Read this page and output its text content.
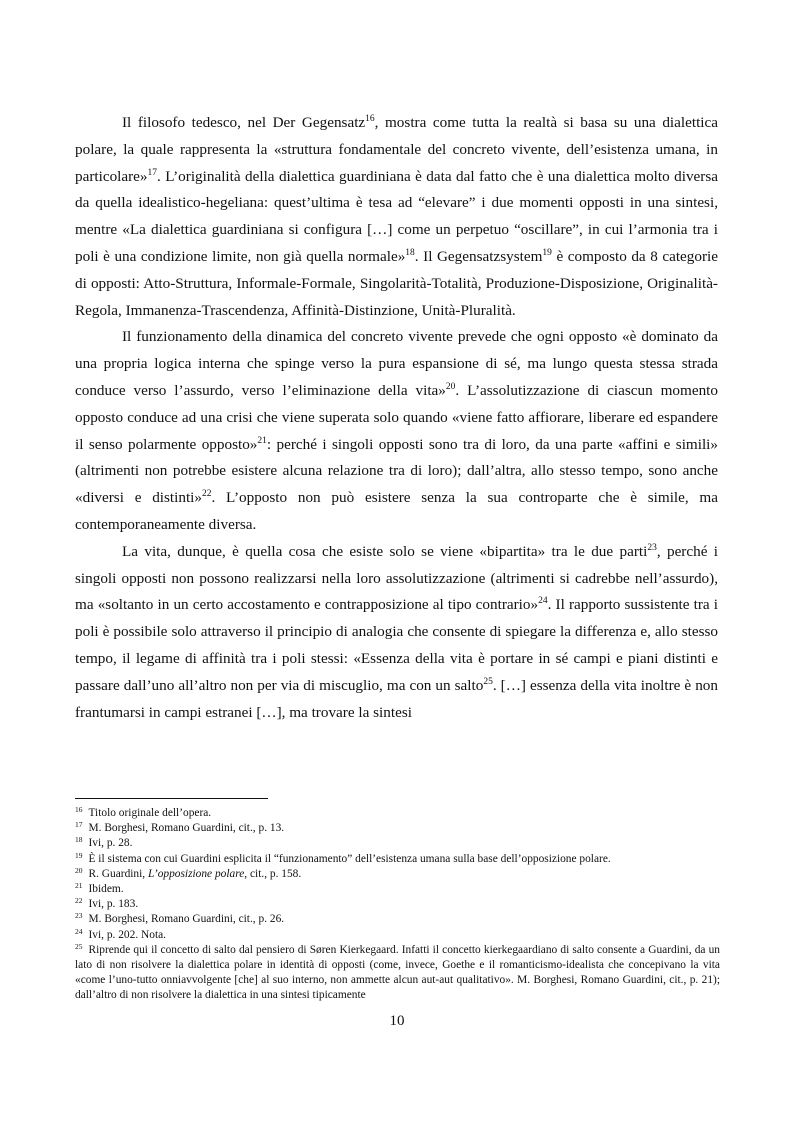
Il filosofo tedesco, nel Der Gegensatz$^{16}$, mostra come tutta la realtà si basa su una dialettica polare, la quale rappresenta la «struttura fondamentale del concreto vivente, dell’esistenza umana, in particolare»$^{17}$. L’originalità della dialettica guardiniana è data dal fatto che è una dialettica molto diversa da quella idealistico-hegeliana: quest’ultima è tesa ad “elevare” i due momenti opposti in una sintesi, mentre «La dialettica guardiniana si configura […] come un perpetuo “oscillare”, in cui l’armonia tra i poli è una condizione limite, non già quella normale»$^{18}$. Il Gegensatzsystem$^{19}$ è composto da 8 categorie di opposti: Atto-Struttura, Informale-Formale, Singolarità-Totalità, Produzione-Disposizione, Originalità-Regola, Immanenza-Trascendenza, Affinità-Distinzione, Unità-Pluralità.

Il funzionamento della dinamica del concreto vivente prevede che ogni opposto «è dominato da una propria logica interna che spinge verso la pura espansione di sé, ma lungo questa stessa strada conduce verso l’assurdo, verso l’eliminazione della vita»$^{20}$. L’assolutizzazione di ciascun momento opposto conduce ad una crisi che viene superata solo quando «viene fatto affiorare, liberare ed espandere il senso polarmente opposto»$^{21}$: perché i singoli opposti sono tra di loro, da una parte «affini e simili» (altrimenti non potrebbe esistere alcuna relazione tra di loro); dall’altra, allo stesso tempo, sono anche «diversi e distinti»$^{22}$. L’opposto non può esistere senza la sua controparte che è simile, ma contemporaneamente diversa.

La vita, dunque, è quella cosa che esiste solo se viene «bipartita» tra le due parti$^{23}$, perché i singoli opposti non possono realizzarsi nella loro assolutizzazione (altrimenti si cadrebbe nell’assurdo), ma «soltanto in un certo accostamento e contrapposizione al tipo contrario»$^{24}$. Il rapporto sussistente tra i poli è possibile solo attraverso il principio di analogia che consente di spiegare la differenza e, allo stesso tempo, il legame di affinità tra i poli stessi: «Essenza della vita è portare in sé campi e piani distinti e passare dall’uno all’altro non per via di miscuglio, ma con un salto$^{25}$. […] essenza della vita inoltre è non frantumarsi in campi estranei […], ma trovare la sintesi

$^{16}$ Titolo originale dell’opera.

$^{17}$ M. Borghesi, Romano Guardini, cit., p. 13.

$^{18}$ Ivi, p. 28.

$^{19}$ È il sistema con cui Guardini esplicita il “funzionamento” dell’esistenza umana sulla base dell’opposizione polare.

$^{20}$ R. Guardini, L’opposizione polare, cit., p. 158.

$^{21}$ Ibidem.

$^{22}$ Ivi, p. 183.

$^{23}$ M. Borghesi, Romano Guardini, cit., p. 26.

$^{24}$ Ivi, p. 202. Nota.

$^{25}$ Riprende qui il concetto di salto dal pensiero di Søren Kierkegaard. Infatti il concetto kierkegaardiano di salto consente a Guardini, da un lato di non risolvere la dialettica polare in identità di opposti (come, invece, Goethe e il romanticismo-idealista che concepivano la vita «come l’uno-tutto onniavvolgente [che] al suo interno, non ammette alcun aut-aut qualitativo». M. Borghesi, Romano Guardini, cit., p. 21); dall’altro di non risolvere la dialettica in una sintesi tipicamente

10
